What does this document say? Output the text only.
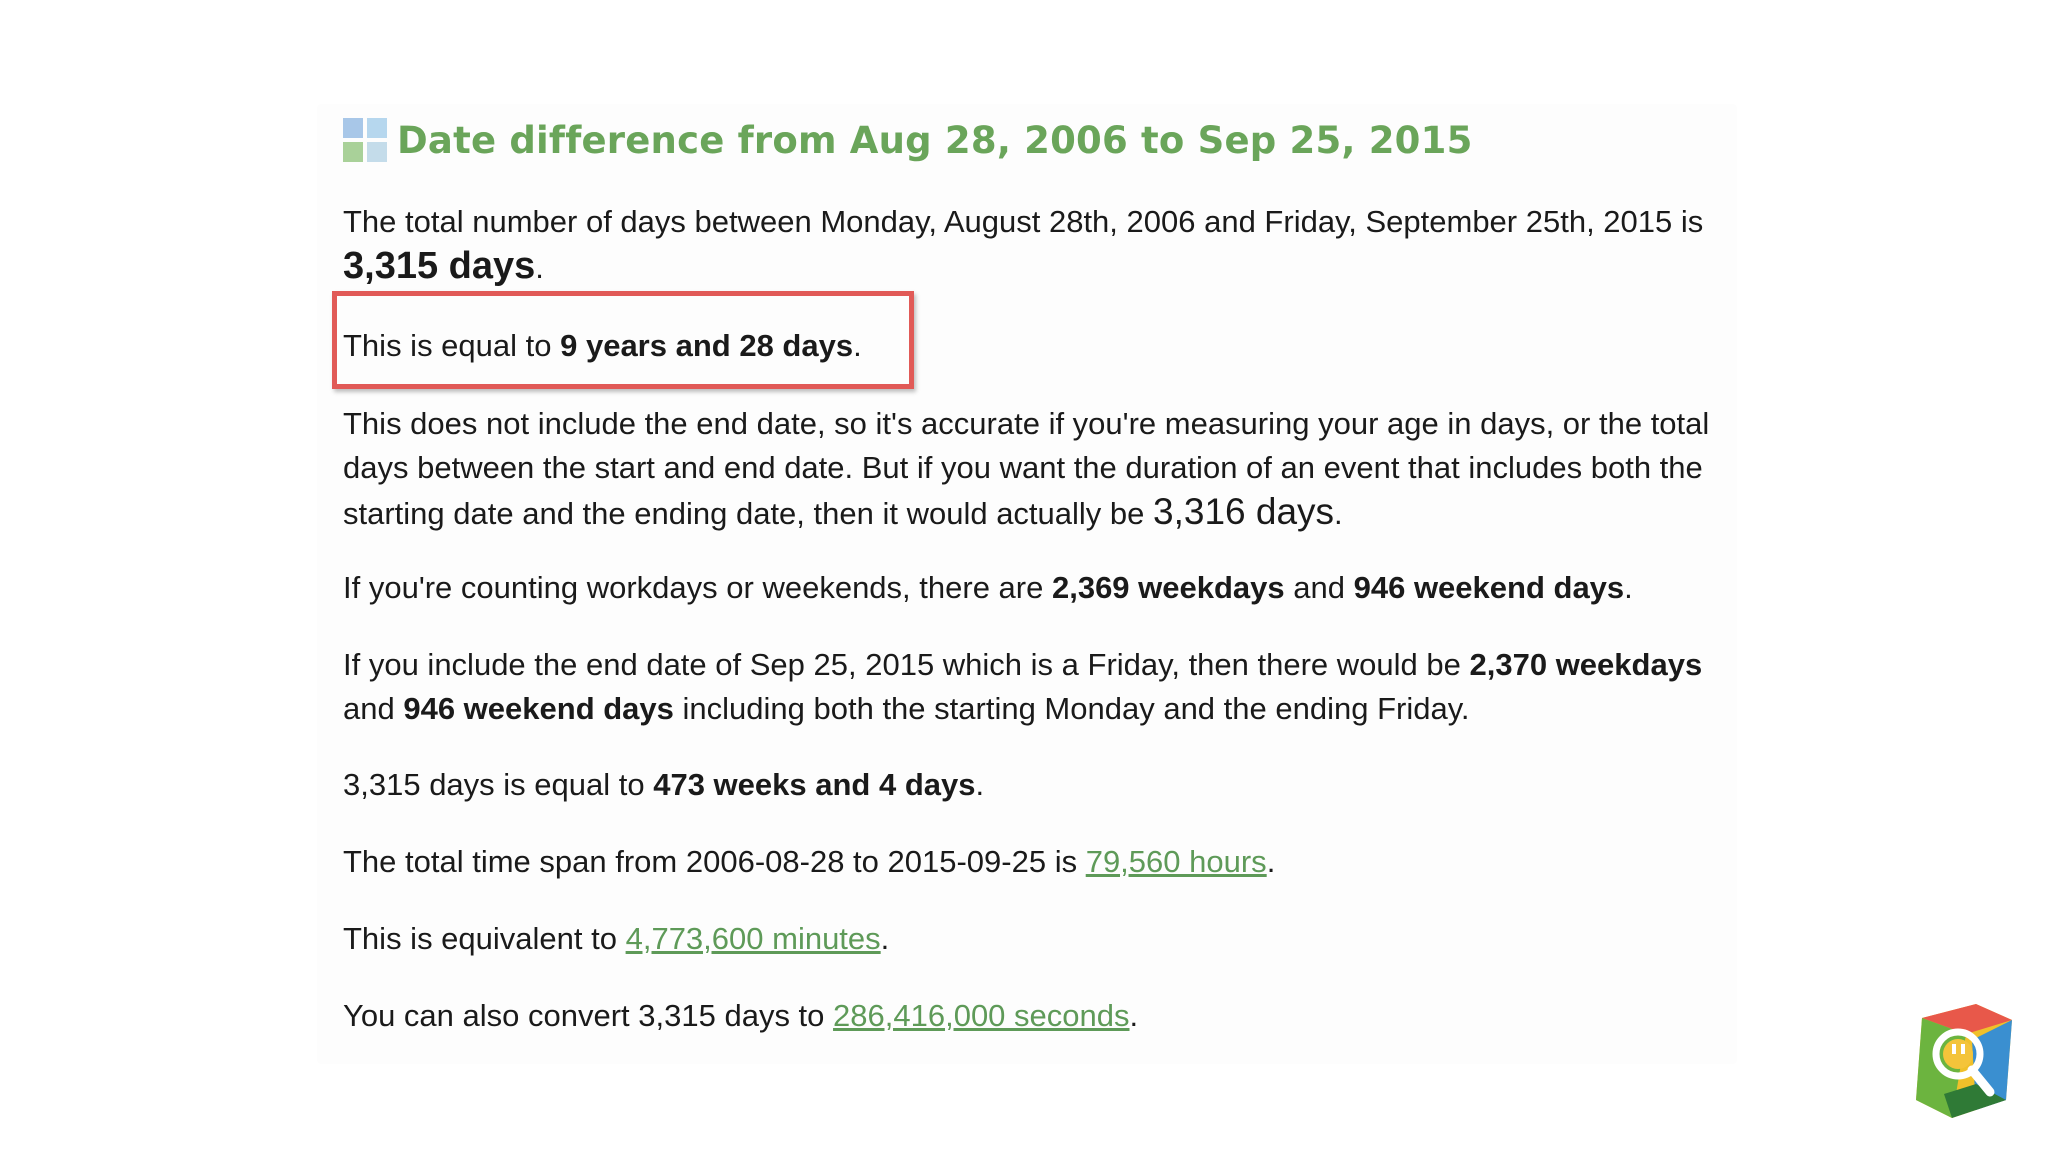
Date difference from Aug 28, 2006 to Sep 25, 2015
The total number of days between Monday, August 28th, 2006 and Friday, September 25th, 2015 is 3,315 days.
This is equal to 9 years and 28 days.
This does not include the end date, so it's accurate if you're measuring your age in days, or the total days between the start and end date. But if you want the duration of an event that includes both the starting date and the ending date, then it would actually be 3,316 days.
If you're counting workdays or weekends, there are 2,369 weekdays and 946 weekend days.
If you include the end date of Sep 25, 2015 which is a Friday, then there would be 2,370 weekdays and 946 weekend days including both the starting Monday and the ending Friday.
3,315 days is equal to 473 weeks and 4 days.
The total time span from 2006-08-28 to 2015-09-25 is 79,560 hours.
This is equivalent to 4,773,600 minutes.
You can also convert 3,315 days to 286,416,000 seconds.
